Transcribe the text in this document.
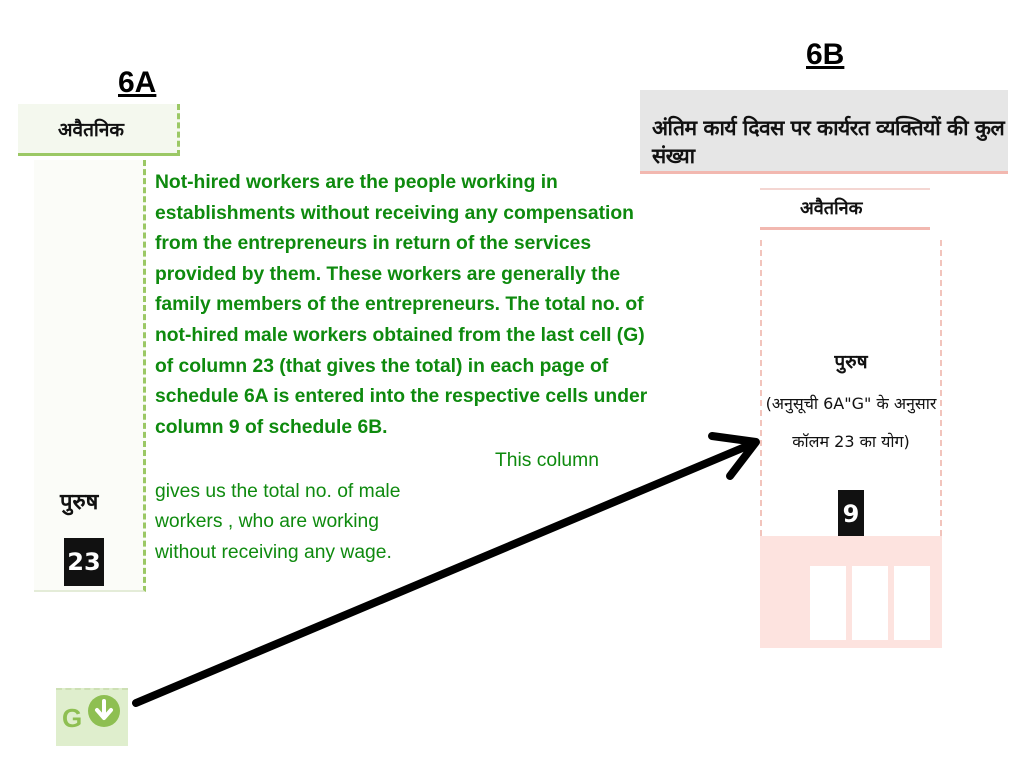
6A
अवैतनिक
पुरुष
23
Not-hired workers are the people working in establishments without receiving any compensation from the entrepreneurs in return of the services provided by them. These workers are generally the family members of the entrepreneurs. The total no. of not-hired male workers obtained from the last cell (G) of column 23 (that gives the total) in each page of schedule 6A is entered into the respective cells under column 9 of schedule 6B.
This column
gives us the total no. of male
workers , who are working
without receiving any wage.
6B
अंतिम कार्य दिवस पर कार्यरत व्यक्तियों की कुल संख्या
अवैतनिक
पुरुष
(अनुसूची 6A"G" के अनुसार
कॉलम 23 का योग)
9
G
